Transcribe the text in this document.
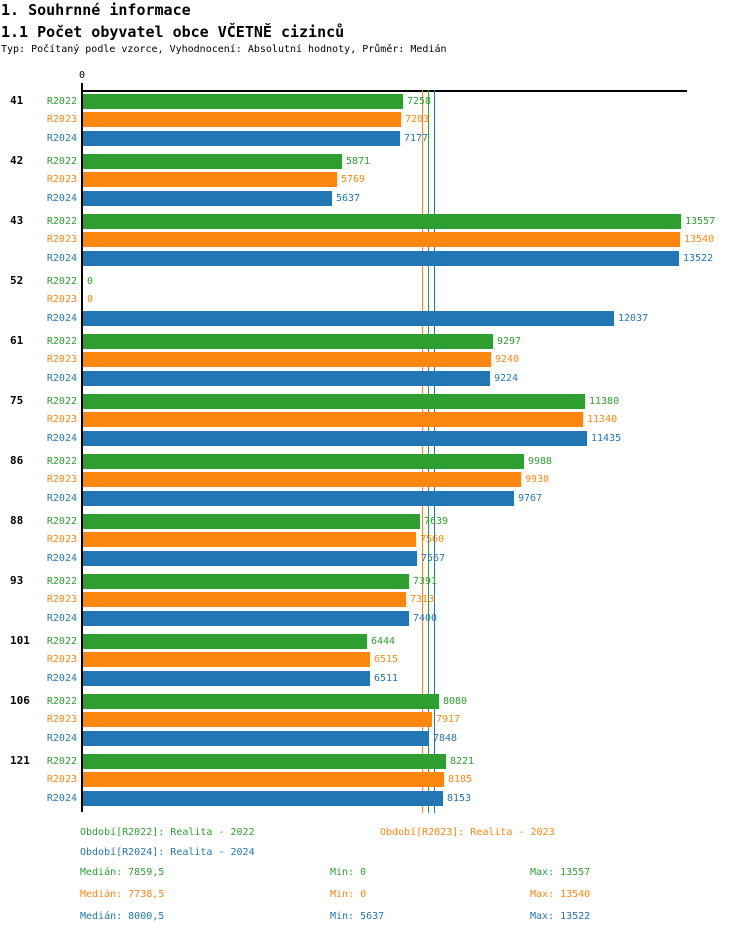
1. Souhrnné informace
1.1 Počet obyvatel obce VČETNĚ cizinců
Typ: Počítaný podle vzorce, Vyhodnocení: Absolutní hodnoty, Průměr: Medián
0
41	R2022	7258
R2023	7203
R2024	7177
42	R2022	5871
R2023	5769
R2024	5637
43	R2022	13557
R2023	13540
R2024	13522
52	R2022 0
R2023 0
R2024	12037
61	R2022	9297
R2023	9240
R2024	9224
75	R2022	11380
R2023	11340
R2024	11435
86	R2022	9988
R2023	9930
R2024	9767
88	R2022	7639
R2023	7560
R2024	7567
93	R2022	7391
R2023	7313
R2024	7400
101	R2022	6444
R2023	6515
R2024	6511
106	R2022	8080
R2023	7917
R2024	7848
121	R2022	8221
R2023	8185
R2024	8153
Období[R2022]: Realita - 2022	Období[R2023]: Realita - 2023
Období[R2024]: Realita - 2024
Medián: 7859,5	Min: 0	Max: 13557
Medián: 7738,5	Min: 0	Max: 13540
Medián: 8000,5	Min: 5637	Max: 13522
